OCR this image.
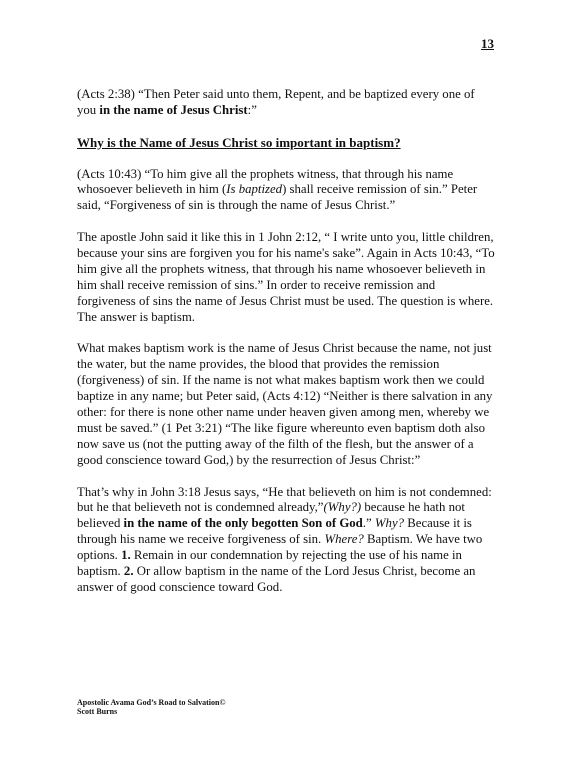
13

(Acts 2:38) “Then Peter said unto them, Repent, and be baptized every one of you in the name of Jesus Christ:”

Why is the Name of Jesus Christ so important in baptism?

(Acts 10:43) “To him give all the prophets witness, that through his name whosoever believeth in him (Is baptized) shall receive remission of sin.” Peter said, “Forgiveness of sin is through the name of Jesus Christ.”

The apostle John said it like this in 1 John 2:12, “ I write unto you, little children, because your sins are forgiven you for his name's sake”. Again in Acts 10:43, “To him give all the prophets witness, that through his name whosoever believeth in him shall receive remission of sins.” In order to receive remission and forgiveness of sins the name of Jesus Christ must be used. The question is where. The answer is baptism.

What makes baptism work is the name of Jesus Christ because the name, not just the water, but the name provides, the blood that provides the remission (forgiveness) of sin. If the name is not what makes baptism work then we could baptize in any name; but Peter said, (Acts 4:12) “Neither is there salvation in any other: for there is none other name under heaven given among men, whereby we must be saved.” (1 Pet 3:21) “The like figure whereunto even baptism doth also now save us (not the putting away of the filth of the flesh, but the answer of a good conscience toward God,) by the resurrection of Jesus Christ:”

That’s why in John 3:18 Jesus says, “He that believeth on him is not condemned: but he that believeth not is condemned already,”(Why?) because he hath not believed in the name of the only begotten Son of God.” Why? Because it is through his name we receive forgiveness of sin. Where? Baptism. We have two options. 1. Remain in our condemnation by rejecting the use of his name in baptism. 2. Or allow baptism in the name of the Lord Jesus Christ, become an answer of good conscience toward God.

Apostolic Avama God’s Road to Salvation©
Scott Burns
